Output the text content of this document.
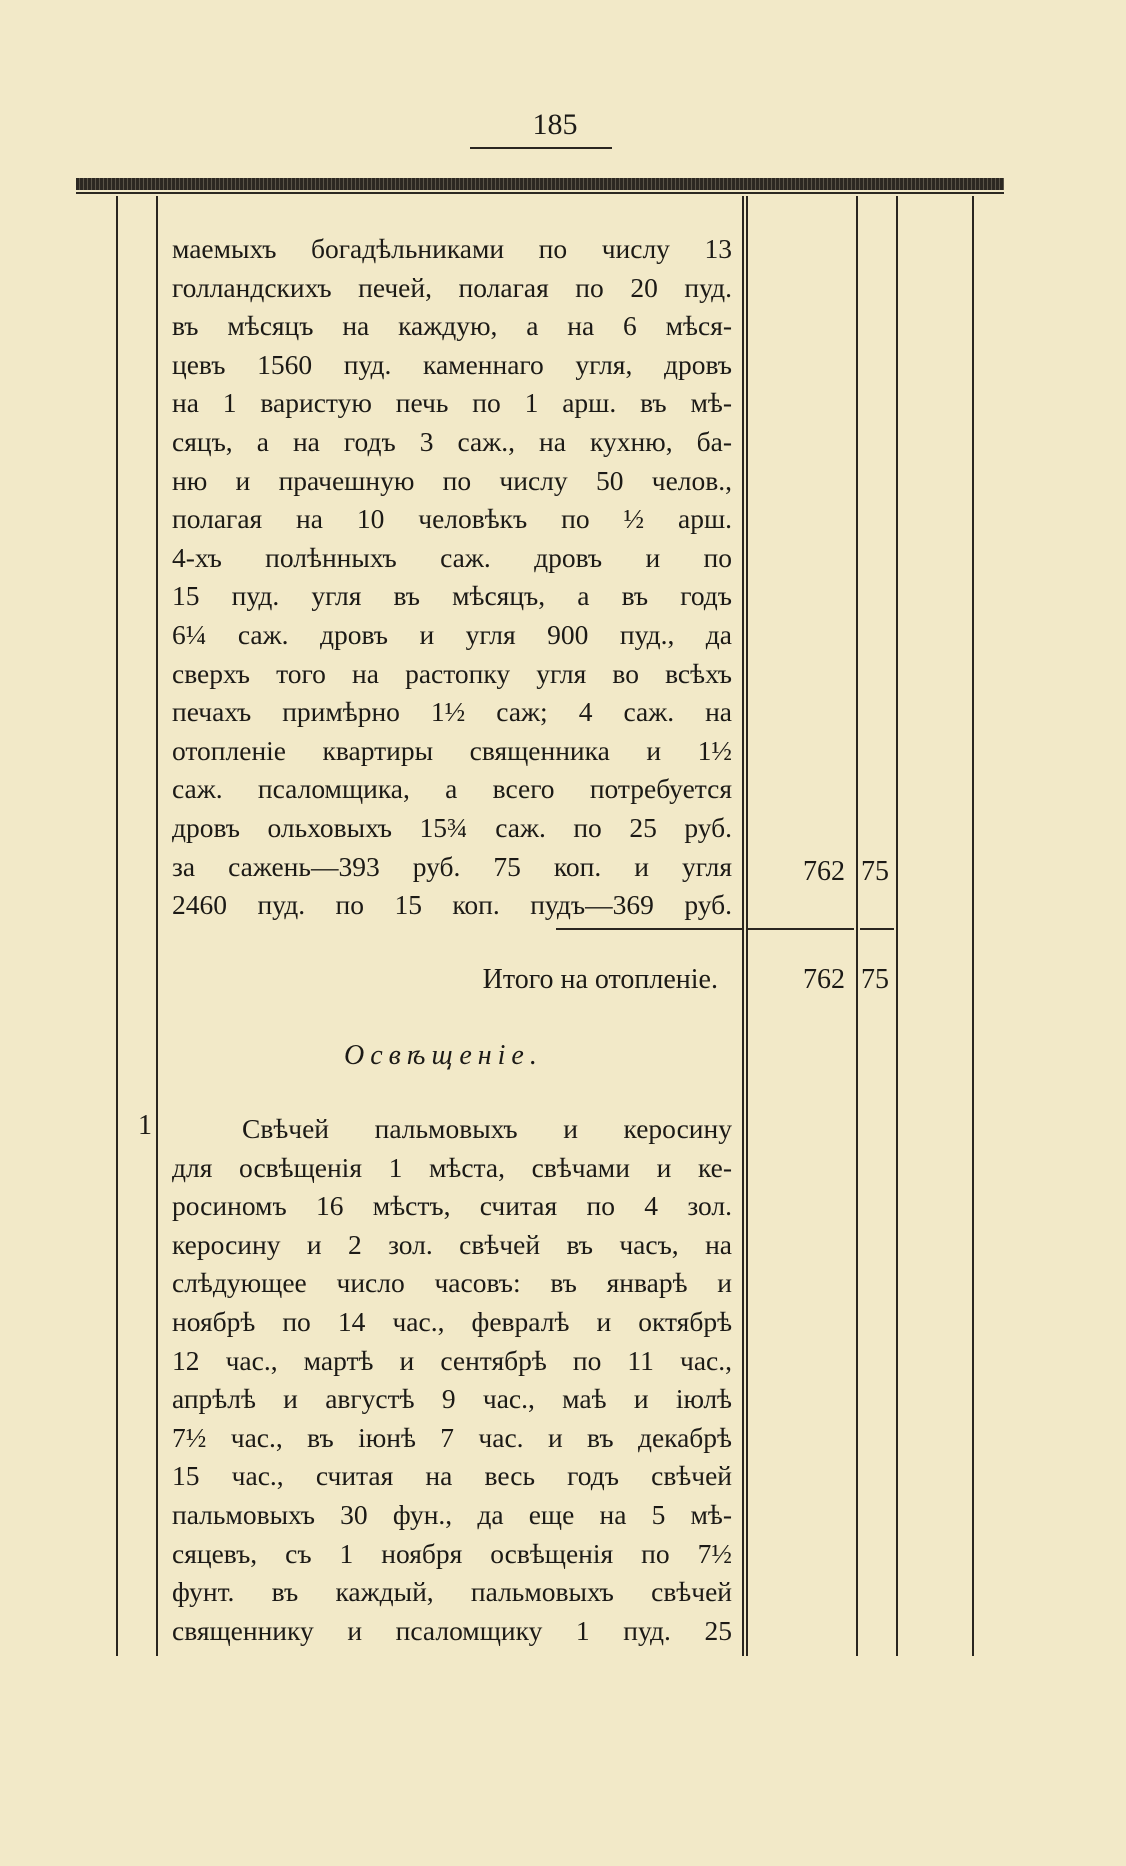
185
маемыхъ богадѣльниками по числу 13
голландскихъ печей, полагая по 20 пуд.
въ мѣсяцъ на каждую, а на 6 мѣся-
цевъ 1560 пуд. каменнаго угля, дровъ
на 1 варистую печь по 1 арш. въ мѣ-
сяцъ, а на годъ 3 саж., на кухню, ба-
ню и прачешную по числу 50 челов.,
полагая на 10 человѣкъ по ½ арш.
4-хъ полѣнныхъ саж. дровъ и по
15 пуд. угля въ мѣсяцъ, а въ годъ
6¼ саж. дровъ и угля 900 пуд., да
сверхъ того на растопку угля во всѣхъ
печахъ примѣрно 1½ саж; 4 саж. на
отопленіе квартиры священника и 1½
саж. псаломщика, а всего потребуется
дровъ ольховыхъ 15¾ саж. по 25 руб.
за сажень—393 руб. 75 коп. и угля
2460 пуд. по 15 коп. пудъ—369 руб.
762 75
Итого на отопленіе.	762 75
Освѣщеніе.
1	Свѣчей пальмовыхъ и керосину
для освѣщенія 1 мѣста, свѣчами и ке-
росиномъ 16 мѣстъ, считая по 4 зол.
керосину и 2 зол. свѣчей въ часъ, на
слѣдующее число часовъ: въ январѣ и
ноябрѣ по 14 час., февралѣ и октябрѣ
12 час., мартѣ и сентябрѣ по 11 час.,
апрѣлѣ и августѣ 9 час., маѣ и іюлѣ
7½ час., въ іюнѣ 7 час. и въ декабрѣ
15 час., считая на весь годъ свѣчей
пальмовыхъ 30 фун., да еще на 5 мѣ-
сяцевъ, съ 1 ноября освѣщенія по 7½
фунт. въ каждый, пальмовыхъ свѣчей
священнику и псаломщику 1 пуд. 25
